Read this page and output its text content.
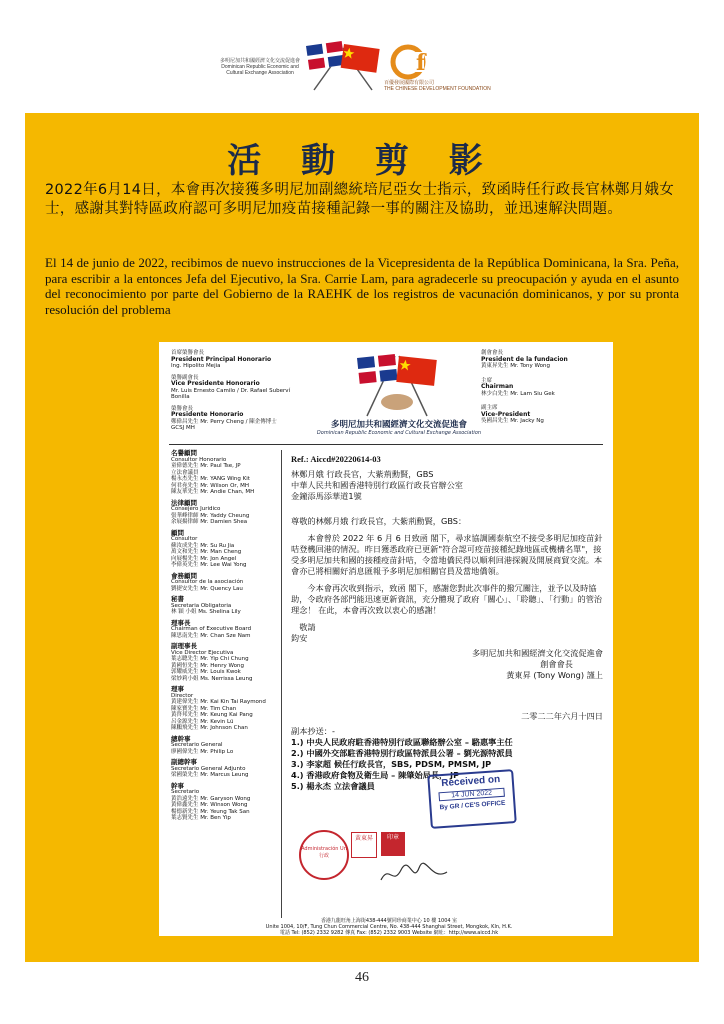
多明尼加共和國經濟文化交流促進會
Dominican Republic Economic and Cultural Exchange Association	f
百優發展國際有限公司
THE CHINESE DEVELOPMENT FOUNDATION
活 動 剪 影
2022年6月14日，本會再次接獲多明尼加副總統培尼亞女士指示，致函時任行政長官林鄭月娥女士，感謝其對特區政府認可多明尼加疫苗接種記錄一事的關注及協助，並迅速解決問題。
El 14 de junio de 2022, recibimos de nuevo instrucciones de la Vicepresidenta de la República Dominicana, la Sra. Peña, para escribir a la entonces Jefa del Ejecutivo, la Sra. Carrie Lam, para agradecerle su preocupación y ayuda en el asunto del reconocimiento por parte del Gobierno de la RAEHK de los registros de vacunación dominicanos, y por su pronta resolución del problema
首席榮譽會長
President Principal Honorario
Ing. Hipolito Mejia
榮譽副會長
Vice Presidente Honorario
Mr. Luis Ernesto Camilo / Dr. Rafael Suberví Bonilla
榮譽會長
Presidente Honorario
鄭偉昌先生 Mr. Perry Cheng / 陳企傳博士 GCSJ MH	多明尼加共和國經濟文化交流促進會
Dominican Republic Economic and Cultural Exchange Association
創會會長
President de la fundacion
黃東昇先生 Mr. Tony Wong
主席
Chairman
林少白先生 Mr. Lam Siu Gek
副主席
Vice-President
吳國昌先生 Mr. Jacky Ng
名譽顧問
Consultor Honorario
童偉德先生 Mr. Paul Tse, JP
立法會議員
楊永杰先生 Mr. YANG Wing Kit
何君堯先生 Mr. Wilson Or, MH
陳友華先生 Mr. Andie Chan, MH
法律顧問
Consejero Juridico
張華峰律師 Mr. Yaddy Cheung
余展揚律師 Mr. Damien Shea
顧問
Consultor
蘇汝成先生 Mr. Su Ru Jia
萬文和先生 Mr. Man Cheng
向展楊先生 Mr. Jon Angel
李偉英先生 Mr. Lee Wai Yong
會務顧問
Consultor de la asociación
劉捷安先生 Mr. Quency Lau
秘書
Secretaria Obligatoria
林 穎 小姐 Ms. Shelina Lily
理事長
Chairman of Executive Board
陳思南先生 Mr. Chan Sze Nam
副理事長
Vice Director Ejecutiva
葉志聰先生 Mr. Yip Chi Chung
黃國恒先生 Mr. Henry Wong
郭耀威先生 Mr. Louis Kwok
梁妙莉小姐 Ms. Nerrissa Leung
理事
Director
黃建偉先生 Mr. Kai Kin Tai Raymond
陳家寶先生 Mr. Tim Chan
黃啓邦先生 Mr. Keung Kai Pang
呂金源先生 Mr. Kevin Lü
陳鵬飛先生 Mr. Johnson Chan
總幹事
Secretario General
廖國偉先生 Mr. Philip Lo
副總幹事
Secretario General Adjunto
梁國榮先生 Mr. Marcus Leung
幹事
Secretario
黃浩遠先生 Mr. Garyson Wong
黃偉鑫先生 Mr. Winson Wong
楊德新先生 Mr. Yeung Tak San
葉志賢先生 Mr. Ben Yip
Ref.: Aiccd#20220614-03
林鄭月娥 行政長官，大紫荊勳賢，GBS
中華人民共和國香港特別行政區行政長官辦公室
金鐘添馬添華道1號
尊敬的林鄭月娥 行政長官，大紫荊勳賢，GBS：
本會曾於 2022 年 6 月 6 日致函 閣下，尋求協調國泰航空不接受多明尼加疫苗針咭登機回港的情況。昨日獲悉政府已更新"符合認可疫苗接種紀錄地區或機構名單"，接受多明尼加共和國的接種疫苗針咭，令當地僑民得以順利回港探親及開展商貿交流。本會亦已將相關好消息匯報予多明尼加相關官員及當地僑領。
今本會再次收到指示，致函 閣下，感謝您對此次事件的撥冗關注，並予以及時協助，令政府各部門能迅速更新資訊，充分體現了政府「關心」、「聆聽」、「行動」的管治理念！ 在此，本會再次致以衷心的感謝！
敬請
鈞安
多明尼加共和國經濟文化交流促進會
創會會長
黃東昇 (Tony Wong) 謹上
二零二二年六月十四日
副本抄送：-
1.) 中央人民政府駐香港特別行政區聯絡辦公室 – 駱惠寧主任
2.) 中國外交部駐香港特別行政區特派員公署 – 劉光源特派員
3.) 李家超 候任行政長官，SBS, PDSM, PMSM, JP
4.) 香港政府食物及衛生局 – 陳肇始局長， JP
5.) 楊永杰 立法會議員	Received on
14 JUN 2022
By GR / CE'S OFFICE
Administración Un 行政
黃東昇	印章
香港九龍旺角上海街438-444號同珍商業中心 10 樓 1004 室
Unite 1004, 10/F, Tung Chun Commercial Centre, No. 438-444 Shanghai Street, Mongkok, Kln, H.K.
電話 Tel: (852) 2332 9282 傳真 Fax: (852) 2332 9003 Website 網址：http://www.aiccd.hk
46
